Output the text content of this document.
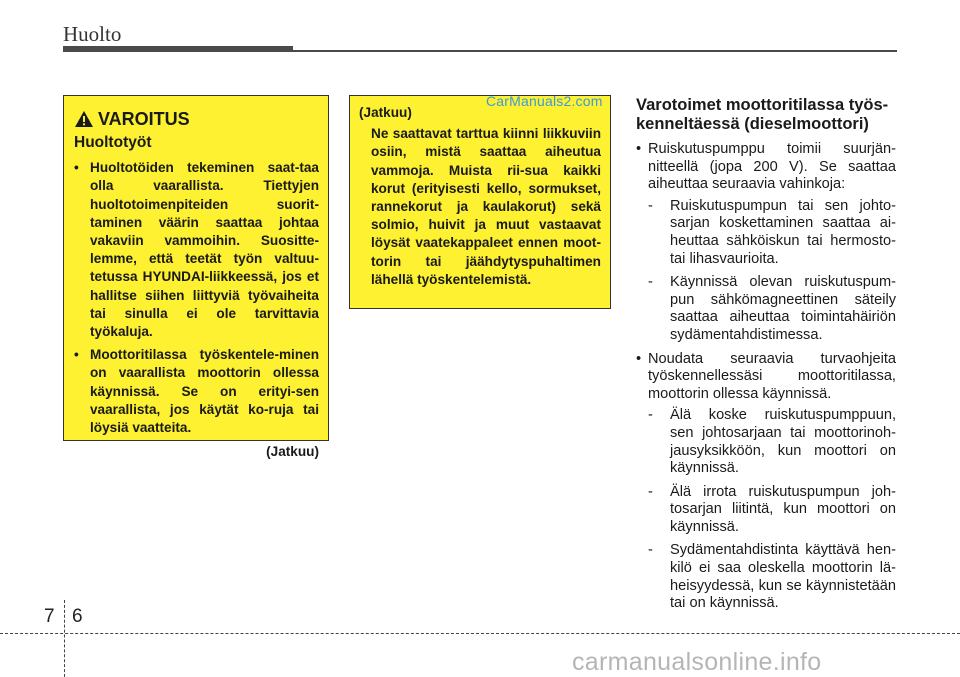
Huolto
VAROITUS
Huoltotyöt
• Huoltotöiden tekeminen saat-taa olla vaarallista. Tiettyjen huoltotoimenpiteiden suorit-taminen väärin saattaa johtaa vakaviin vammoihin. Suositte-lemme, että teetät työn valtuu-tetussa HYUNDAI-liikkeessä, jos et hallitse siihen liittyviä työvaiheita tai sinulla ei ole tarvittavia työkaluja.
• Moottoritilassa työskentele-minen on vaarallista moottorin ollessa käynnissä. Se on erityi-sen vaarallista, jos käytät ko-ruja tai löysiä vaatteita.
(Jatkuu)
(Jatkuu)
Ne saattavat tarttua kiinni liikkuviin osiin, mistä saattaa aiheutua vammoja. Muista rii-sua kaikki korut (erityisesti kello, sormukset, rannekorut ja kaulakorut) sekä solmio, huivit ja muut vastaavat löysät vaatekappaleet ennen moot-torin tai jäähdytyspuhaltimen lähellä työskentelemistä.
CarManuals2.com Varotoimet moottoritilassa työs-kenneltäessä (dieselmoottori)
• Ruiskutuspumppu toimii suurjän-nitteellä (jopa 200 V). Se saattaa aiheuttaa seuraavia vahinkoja:
- Ruiskutuspumpun tai sen johto-sarjan koskettaminen saattaa ai-heuttaa sähköiskun tai hermosto-tai lihasvaurioita.
- Käynnissä olevan ruiskutuspum-pun sähkömagneettinen säteily saattaa aiheuttaa toimintahäiriön sydämentahdistimessa.
• Noudata seuraavia turvaohjeita työskennellessäsi moottoritilassa, moottorin ollessa käynnissä.
- Älä koske ruiskutuspumppuun, sen johtosarjaan tai moottorinoh-jausyksikköön, kun moottori on käynnissä.
- Älä irrota ruiskutuspumpun joh-tosarjan liitintä, kun moottori on käynnissä.
- Sydämentahdistinta käyttävä hen-kilö ei saa oleskella moottorin lä-heisyydessä, kun se käynnistetään tai on käynnissä.
7 6
carmanualsonline.info
